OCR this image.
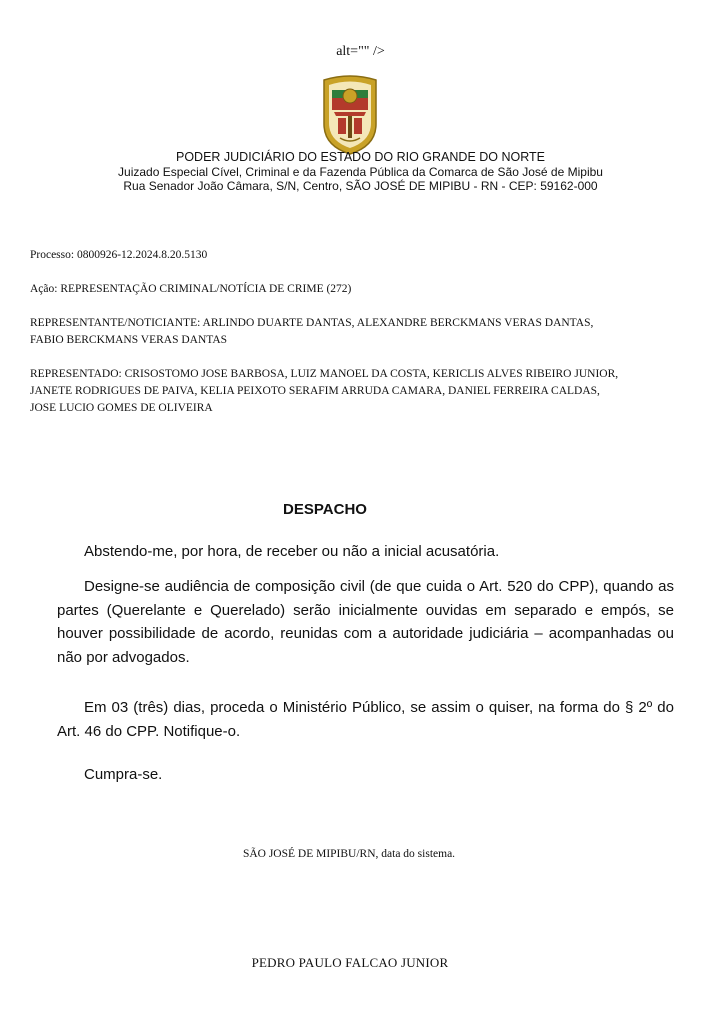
alt="" />
PODER JUDICIÁRIO DO ESTADO DO RIO GRANDE DO NORTE
Juizado Especial Cível, Criminal e da Fazenda Pública da Comarca de São José de Mipibu
Rua Senador João Câmara, S/N, Centro, SÃO JOSÉ DE MIPIBU - RN - CEP: 59162-000
Processo: 0800926-12.2024.8.20.5130
Ação: REPRESENTAÇÃO CRIMINAL/NOTÍCIA DE CRIME (272)
REPRESENTANTE/NOTICIANTE: ARLINDO DUARTE DANTAS, ALEXANDRE BERCKMANS VERAS DANTAS,
FABIO BERCKMANS VERAS DANTAS
REPRESENTADO: CRISOSTOMO JOSE BARBOSA, LUIZ MANOEL DA COSTA, KERICLIS ALVES RIBEIRO JUNIOR,
JANETE RODRIGUES DE PAIVA, KELIA PEIXOTO SERAFIM ARRUDA CAMARA, DANIEL FERREIRA CALDAS,
JOSE LUCIO GOMES DE OLIVEIRA
DESPACHO
Abstendo-me, por hora, de receber ou não a inicial acusatória.
Designe-se audiência de composição civil (de que cuida o Art. 520 do CPP), quando as partes (Querelante e Querelado) serão inicialmente ouvidas em separado e empós, se houver possibilidade de acordo, reunidas com a autoridade judiciária – acompanhadas ou não por advogados.
Em 03 (três) dias, proceda o Ministério Público, se assim o quiser, na forma do § 2º do Art. 46 do CPP. Notifique-o.
Cumpra-se.
SÃO JOSÉ DE MIPIBU/RN, data do sistema.
PEDRO PAULO FALCAO JUNIOR
